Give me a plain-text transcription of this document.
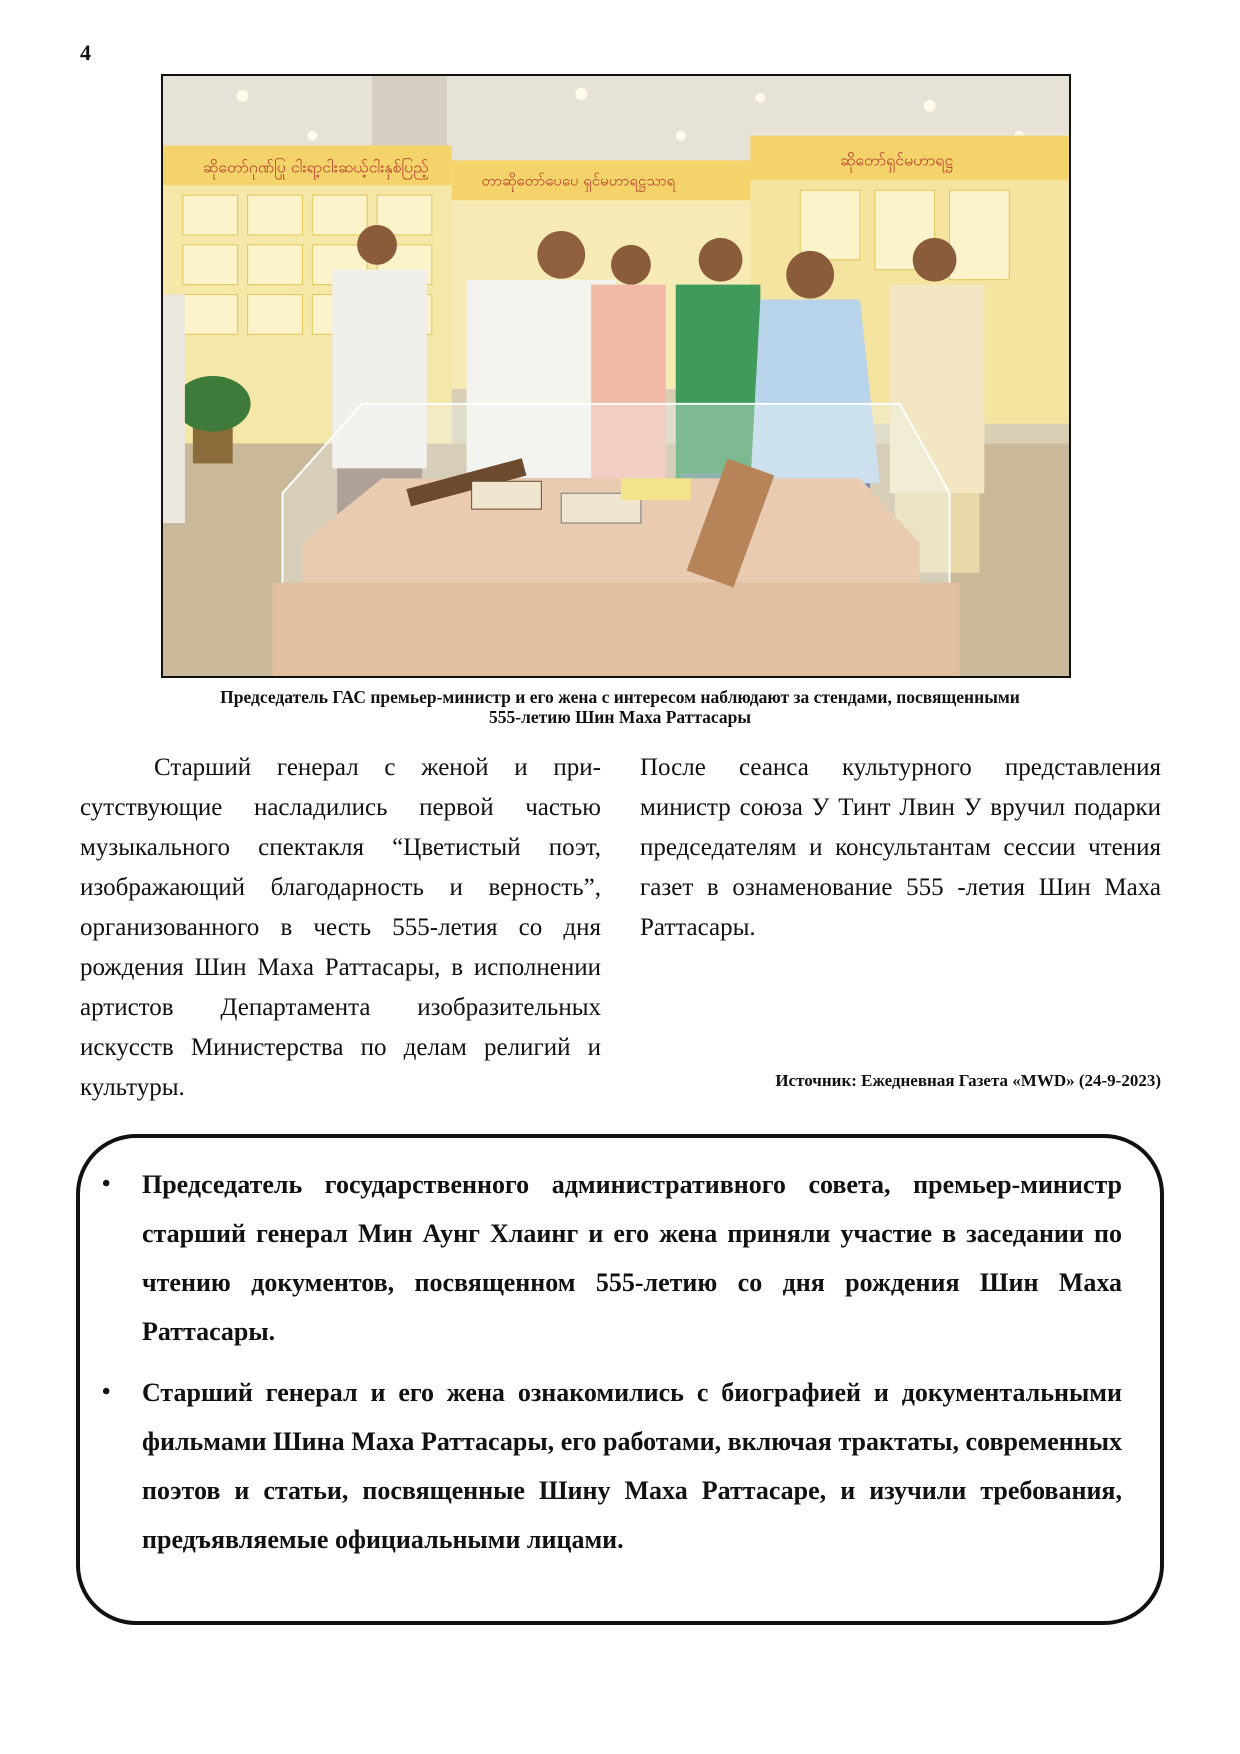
4
ဆိုတော်ဂုဏ်ပြု ငါးရာ့ငါးဆယ့်ငါးနှစ်ပြည့်
တာဆိုတော်ပေပေ ရှင်မဟာရဋ္ဌသာရ
ဆိုတော်ရှင်မဟာရဋ္ဌ
Председатель ГАС премьер-министр и его жена с интересом наблюдают за стендами, посвященными
555-летию Шин Маха Раттасары
Старший генерал с женой и присутствующие насладились первой частью музыкального спектакля “Цветистый поэт, изображающий благодарность и верность”, организованного в честь 555-летия со дня рождения Шин Маха Раттасары, в исполнении артистов Департамента изобразительных искусств Министерства по делам религий и культуры.
После сеанса культурного представления министр союза У Тинт Лвин У вручил подарки председателям и консультантам сессии чтения газет в ознаменование 555 -летия Шин Маха Раттасары.
Источник: Ежедневная Газета «MWD» (24-9-2023)
• Председатель государственного административного совета, премьер-министр старший генерал Мин Аунг Хлаинг и его жена приняли участие в заседании по чтению документов, посвященном 555-летию со дня рождения Шин Маха Раттасары.
• Старший генерал и его жена ознакомились с биографией и документальными фильмами Шина Маха Раттасары, его работами, включая трактаты, современных поэтов и статьи, посвященные Шину Маха Раттасаре, и изучили требования, предъявляемые официальными лицами.
